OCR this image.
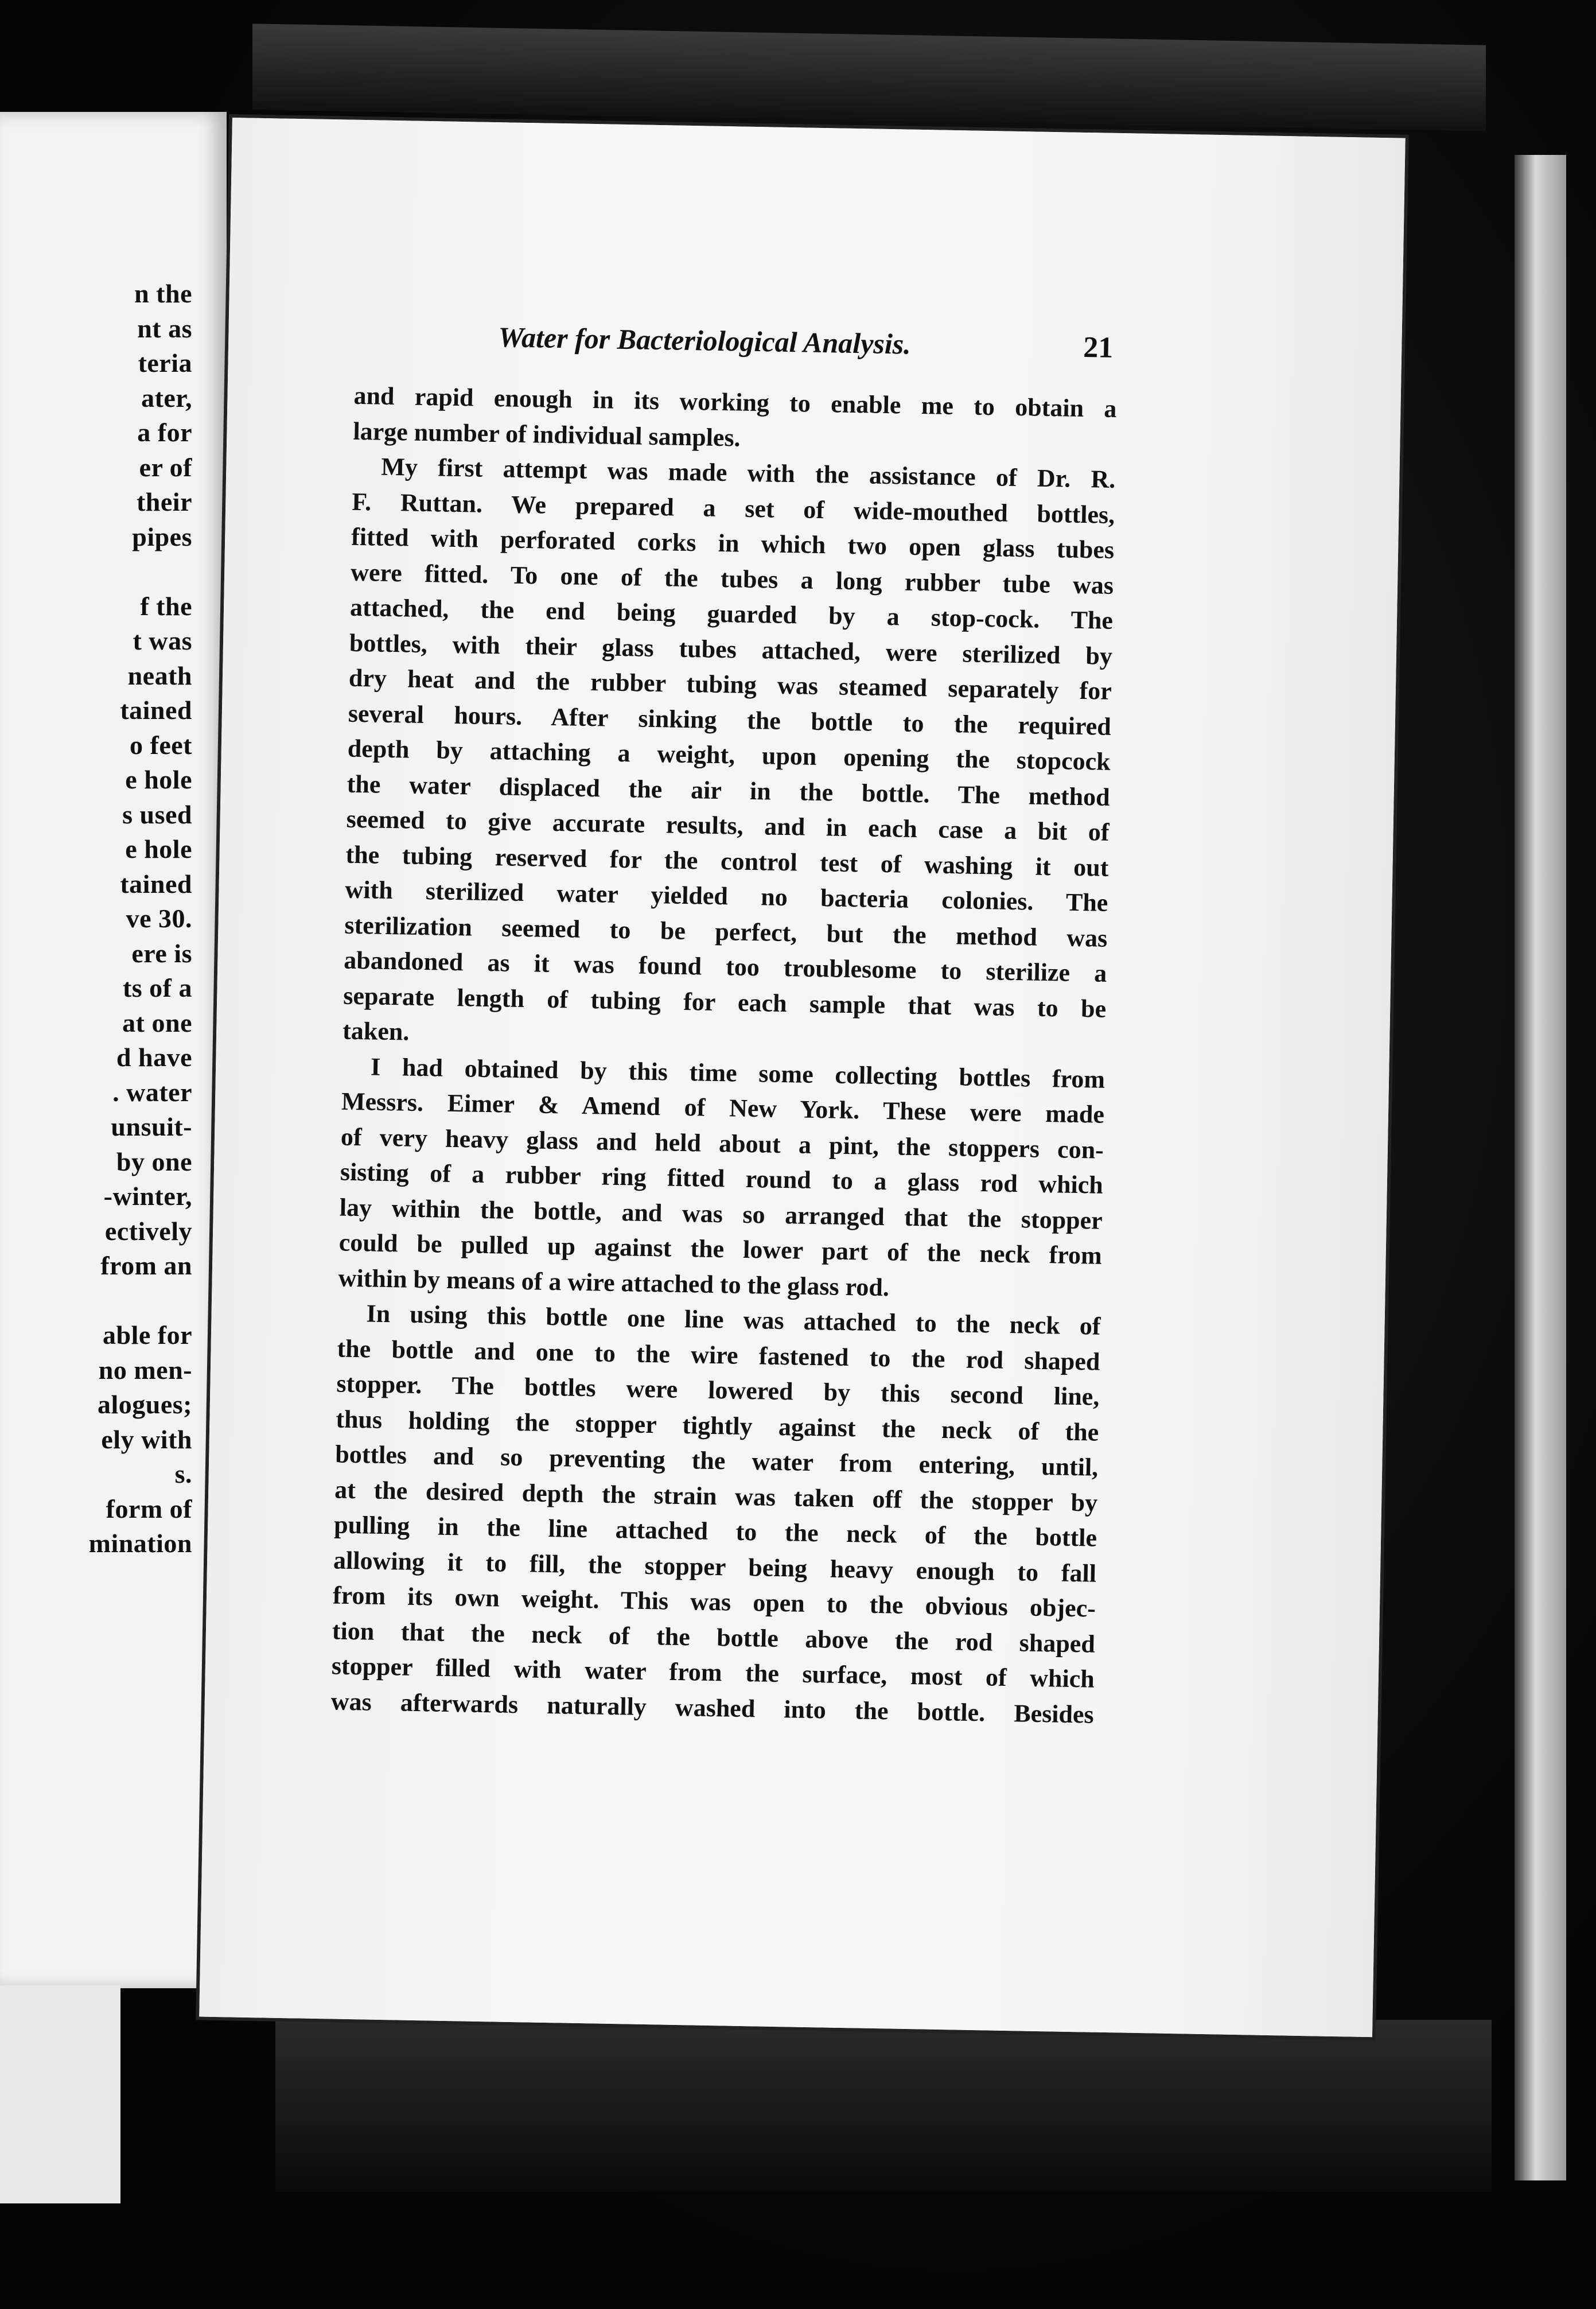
n the
nt as
teria
ater,
a for
er of
their
pipes
f the
t was
neath
tained
o feet
e hole
s used
e hole
tained
ve 30.
ere is
ts of a
at one
d have
. water
unsuit-
by one
-winter,
ectively
from an
able for
no men-
alogues;
ely with
s.
form of
mination
Water for Bacteriological Analysis.	21
and rapid enough in its working to enable me to obtain a
large number of individual samples.
My first attempt was made with the assistance of Dr. R.
F. Ruttan. We prepared a set of wide-mouthed bottles,
fitted with perforated corks in which two open glass tubes
were fitted. To one of the tubes a long rubber tube was
attached, the end being guarded by a stop-cock. The
bottles, with their glass tubes attached, were sterilized by
dry heat and the rubber tubing was steamed separately for
several hours. After sinking the bottle to the required
depth by attaching a weight, upon opening the stopcock
the water displaced the air in the bottle. The method
seemed to give accurate results, and in each case a bit of
the tubing reserved for the control test of washing it out
with sterilized water yielded no bacteria colonies. The
sterilization seemed to be perfect, but the method was
abandoned as it was found too troublesome to sterilize a
separate length of tubing for each sample that was to be
taken.
I had obtained by this time some collecting bottles from
Messrs. Eimer & Amend of New York. These were made
of very heavy glass and held about a pint, the stoppers con-
sisting of a rubber ring fitted round to a glass rod which
lay within the bottle, and was so arranged that the stopper
could be pulled up against the lower part of the neck from
within by means of a wire attached to the glass rod.
In using this bottle one line was attached to the neck of
the bottle and one to the wire fastened to the rod shaped
stopper. The bottles were lowered by this second line,
thus holding the stopper tightly against the neck of the
bottles and so preventing the water from entering, until,
at the desired depth the strain was taken off the stopper by
pulling in the line attached to the neck of the bottle
allowing it to fill, the stopper being heavy enough to fall
from its own weight. This was open to the obvious objec-
tion that the neck of the bottle above the rod shaped
stopper filled with water from the surface, most of which
was afterwards naturally washed into the bottle. Besides
